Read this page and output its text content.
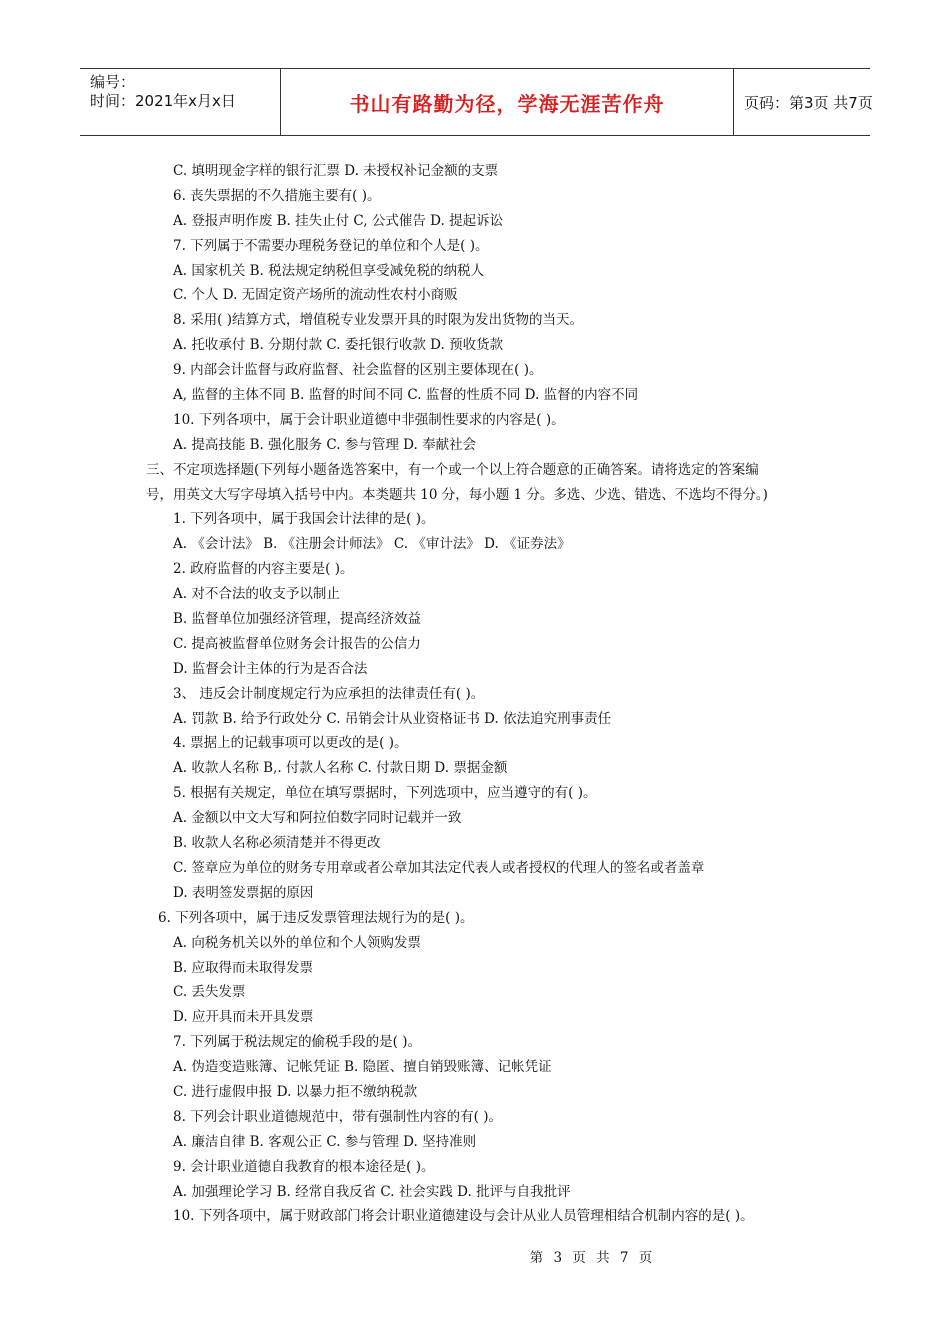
编号：
时间：2021年x月x日	书山有路勤为径，学海无涯苦作舟	页码：第3页 共7页
C. 填明现金字样的银行汇票 D. 未授权补记金额的支票
6. 丧失票据的不久措施主要有( )。
A. 登报声明作废 B. 挂失止付 C, 公式催告 D. 提起诉讼
7. 下列属于不需要办理税务登记的单位和个人是( )。
A. 国家机关 B. 税法规定纳税但享受减免税的纳税人
C. 个人 D. 无固定资产场所的流动性农村小商贩
8. 采用( )结算方式，增值税专业发票开具的时限为发出货物的当天。
A. 托收承付 B. 分期付款 C. 委托银行收款 D. 预收货款
9. 内部会计监督与政府监督、社会监督的区别主要体现在( )。
A, 监督的主体不同 B. 监督的时间不同 C. 监督的性质不同 D. 监督的内容不同
10. 下列各项中，属于会计职业道德中非强制性要求的内容是( )。
A. 提高技能 B. 强化服务 C. 参与管理 D. 奉献社会
三、不定项选择题(下列每小题备选答案中，有一个或一个以上符合题意的正确答案。请将选定的答案编
号，用英文大写字母填入括号中内。本类题共 10 分，每小题 1 分。多选、少选、错选、不选均不得分。)
1. 下列各项中，属于我国会计法律的是( )。
A. 《会计法》 B. 《注册会计师法》 C. 《审计法》 D. 《证券法》
2. 政府监督的内容主要是( )。
A. 对不合法的收支予以制止
B. 监督单位加强经济管理，提高经济效益
C. 提高被监督单位财务会计报告的公信力
D. 监督会计主体的行为是否合法
3、 违反会计制度规定行为应承担的法律责任有( )。
A. 罚款 B. 给予行政处分 C. 吊销会计从业资格证书 D. 依法追究刑事责任
4. 票据上的记载事项可以更改的是( )。
A. 收款人名称 B,. 付款人名称 C. 付款日期 D. 票据金额
5. 根据有关规定，单位在填写票据时，下列选项中，应当遵守的有( )。
A. 金额以中文大写和阿拉伯数字同时记载并一致
B. 收款人名称必须清楚并不得更改
C. 签章应为单位的财务专用章或者公章加其法定代表人或者授权的代理人的签名或者盖章
D. 表明签发票据的原因
6. 下列各项中，属于违反发票管理法规行为的是( )。
A. 向税务机关以外的单位和个人领购发票
B. 应取得而未取得发票
C. 丢失发票
D. 应开具而未开具发票
7. 下列属于税法规定的偷税手段的是( )。
A. 伪造变造账簿、记帐凭证 B. 隐匿、擅自销毁账簿、记帐凭证
C. 进行虚假申报 D. 以暴力拒不缴纳税款
8. 下列会计职业道德规范中，带有强制性内容的有( )。
A. 廉洁自律 B. 客观公正 C. 参与管理 D. 坚持准则
9. 会计职业道德自我教育的根本途径是( )。
A. 加强理论学习 B. 经常自我反省 C. 社会实践 D. 批评与自我批评
10. 下列各项中，属于财政部门将会计职业道德建设与会计从业人员管理相结合机制内容的是( )。
第 3 页 共 7 页
